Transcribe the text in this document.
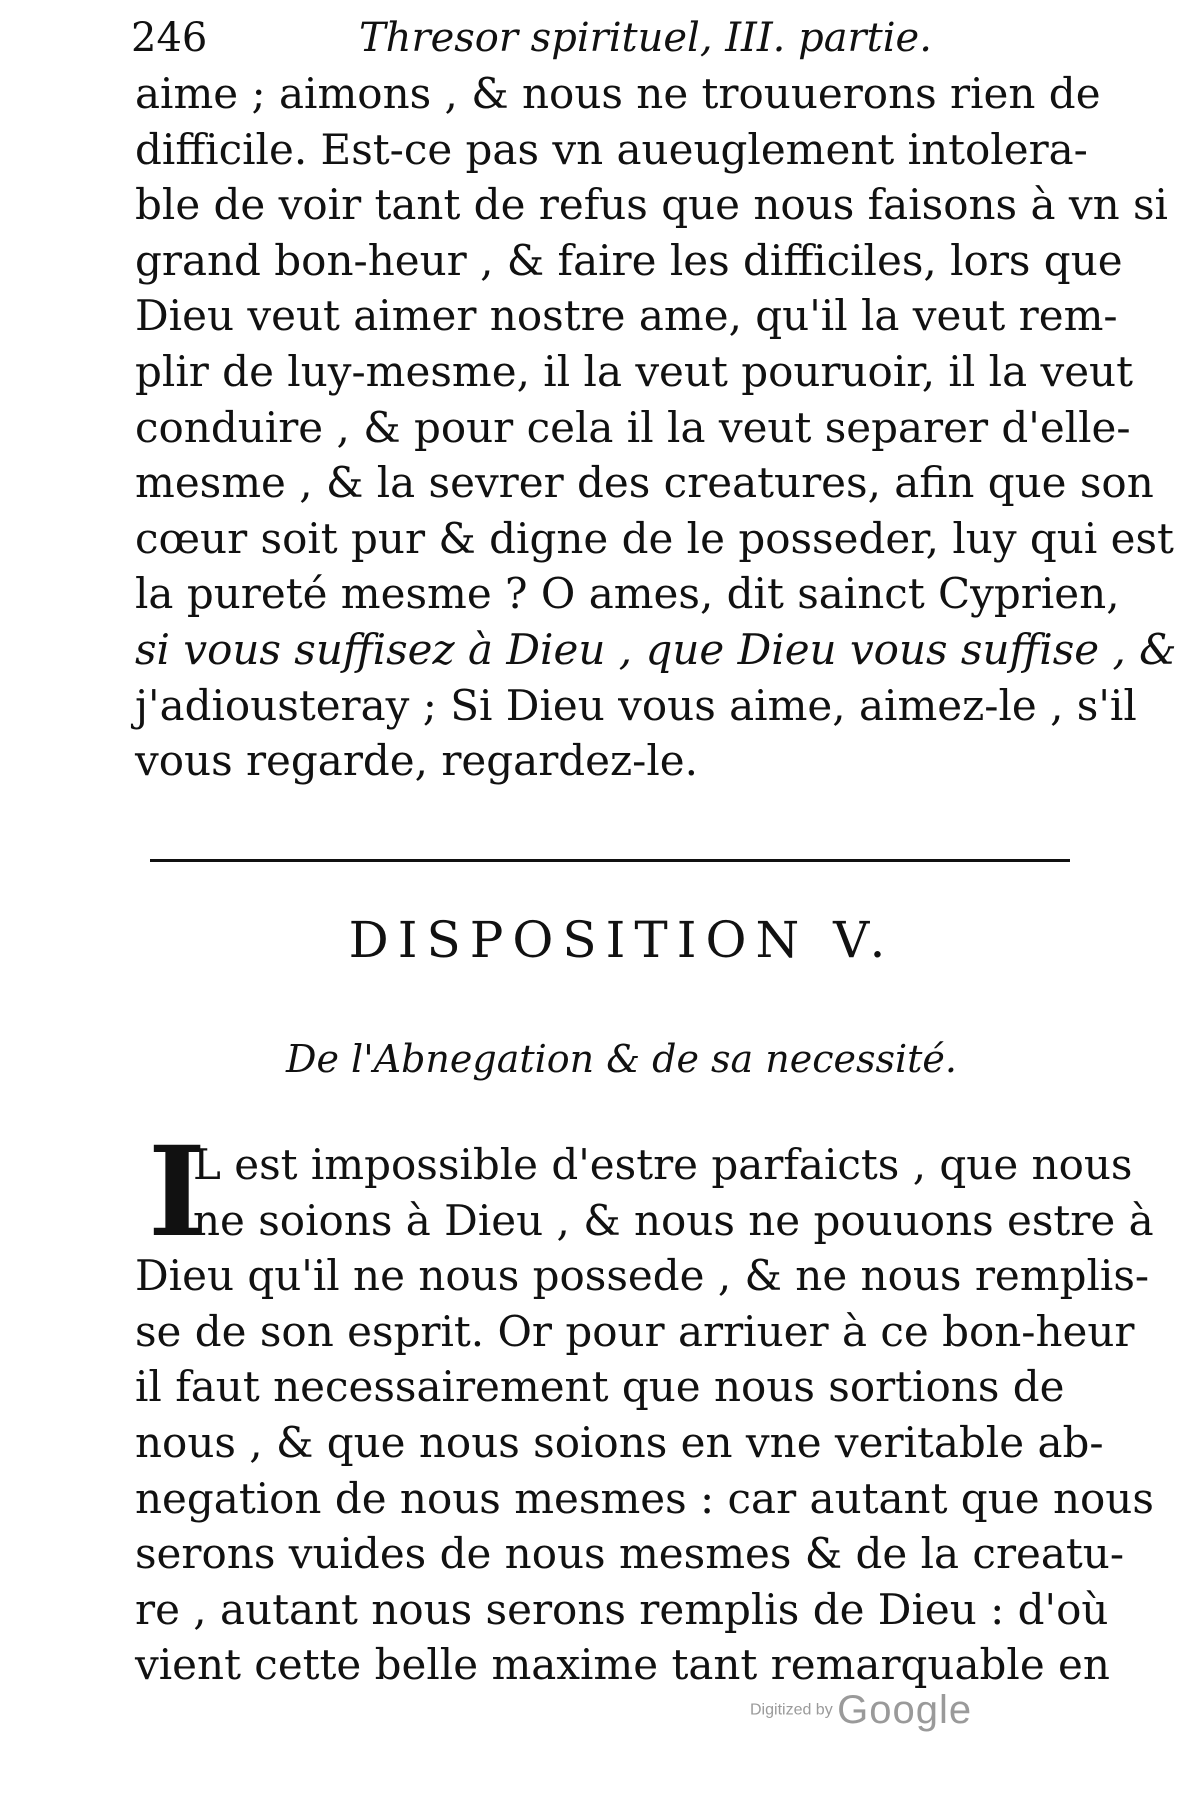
246	Thresor spirituel, III. partie.
aime ; aimons , & nous ne trouuerons rien de
difficile. Est-ce pas vn aueuglement intolera-
ble de voir tant de refus que nous faisons à vn si
grand bon-heur , & faire les difficiles, lors que
Dieu veut aimer nostre ame, qu'il la veut rem-
plir de luy-mesme, il la veut pouruoir, il la veut
conduire , & pour cela il la veut separer d'elle-
mesme , & la sevrer des creatures, afin que son
cœur soit pur & digne de le posseder, luy qui est
la pureté mesme ? O ames, dit sainct Cyprien,
si vous suffisez à Dieu , que Dieu vous suffise , &
j'adiousteray ; Si Dieu vous aime, aimez-le , s'il
vous regarde, regardez-le.
DISPOSITION V.
De l'Abnegation & de sa necessité.
I
L est impossible d'estre parfaicts , que nous
ne soions à Dieu , & nous ne pouuons estre à
Dieu qu'il ne nous possede , & ne nous remplis-
se de son esprit. Or pour arriuer à ce bon-heur
il faut necessairement que nous sortions de
nous , & que nous soions en vne veritable ab-
negation de nous mesmes : car autant que nous
serons vuides de nous mesmes & de la creatu-
re , autant nous serons remplis de Dieu : d'où
vient cette belle maxime tant remarquable en
Digitized by Google
